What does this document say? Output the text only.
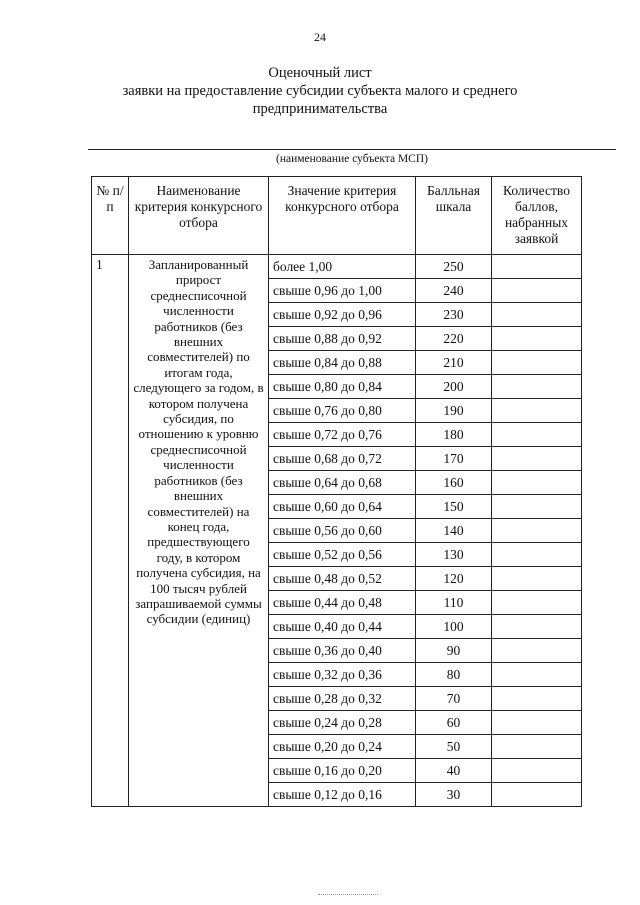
24
Оценочный лист
заявки на предоставление субсидии субъекта малого и среднего
предпринимательства
(наименование субъекта МСП)
№ п/п	Наименование критерия конкурсного отбора	Значение критерия конкурсного отбора	Балльная шкала	Количество баллов, набранных заявкой
1	Запланированный прирост среднесписочной численности работников (без внешних совместителей) по итогам года, следующего за годом, в котором получена субсидия, по отношению к уровню среднесписочной численности работников (без внешних совместителей) на конец года, предшествующего году, в котором получена субсидия, на 100 тысяч рублей запрашиваемой суммы субсидии (единиц)	более 1,00	250	
		свыше 0,96 до 1,00	240	
		свыше 0,92 до 0,96	230	
		свыше 0,88 до 0,92	220	
		свыше 0,84 до 0,88	210	
		свыше 0,80 до 0,84	200	
		свыше 0,76 до 0,80	190	
		свыше 0,72 до 0,76	180	
		свыше 0,68 до 0,72	170	
		свыше 0,64 до 0,68	160	
		свыше 0,60 до 0,64	150	
		свыше 0,56 до 0,60	140	
		свыше 0,52 до 0,56	130	
		свыше 0,48 до 0,52	120	
		свыше 0,44 до 0,48	110	
		свыше 0,40 до 0,44	100	
		свыше 0,36 до 0,40	90	
		свыше 0,32 до 0,36	80	
		свыше 0,28 до 0,32	70	
		свыше 0,24 до 0,28	60	
		свыше 0,20 до 0,24	50	
		свыше 0,16 до 0,20	40	
		свыше 0,12 до 0,16	30	
